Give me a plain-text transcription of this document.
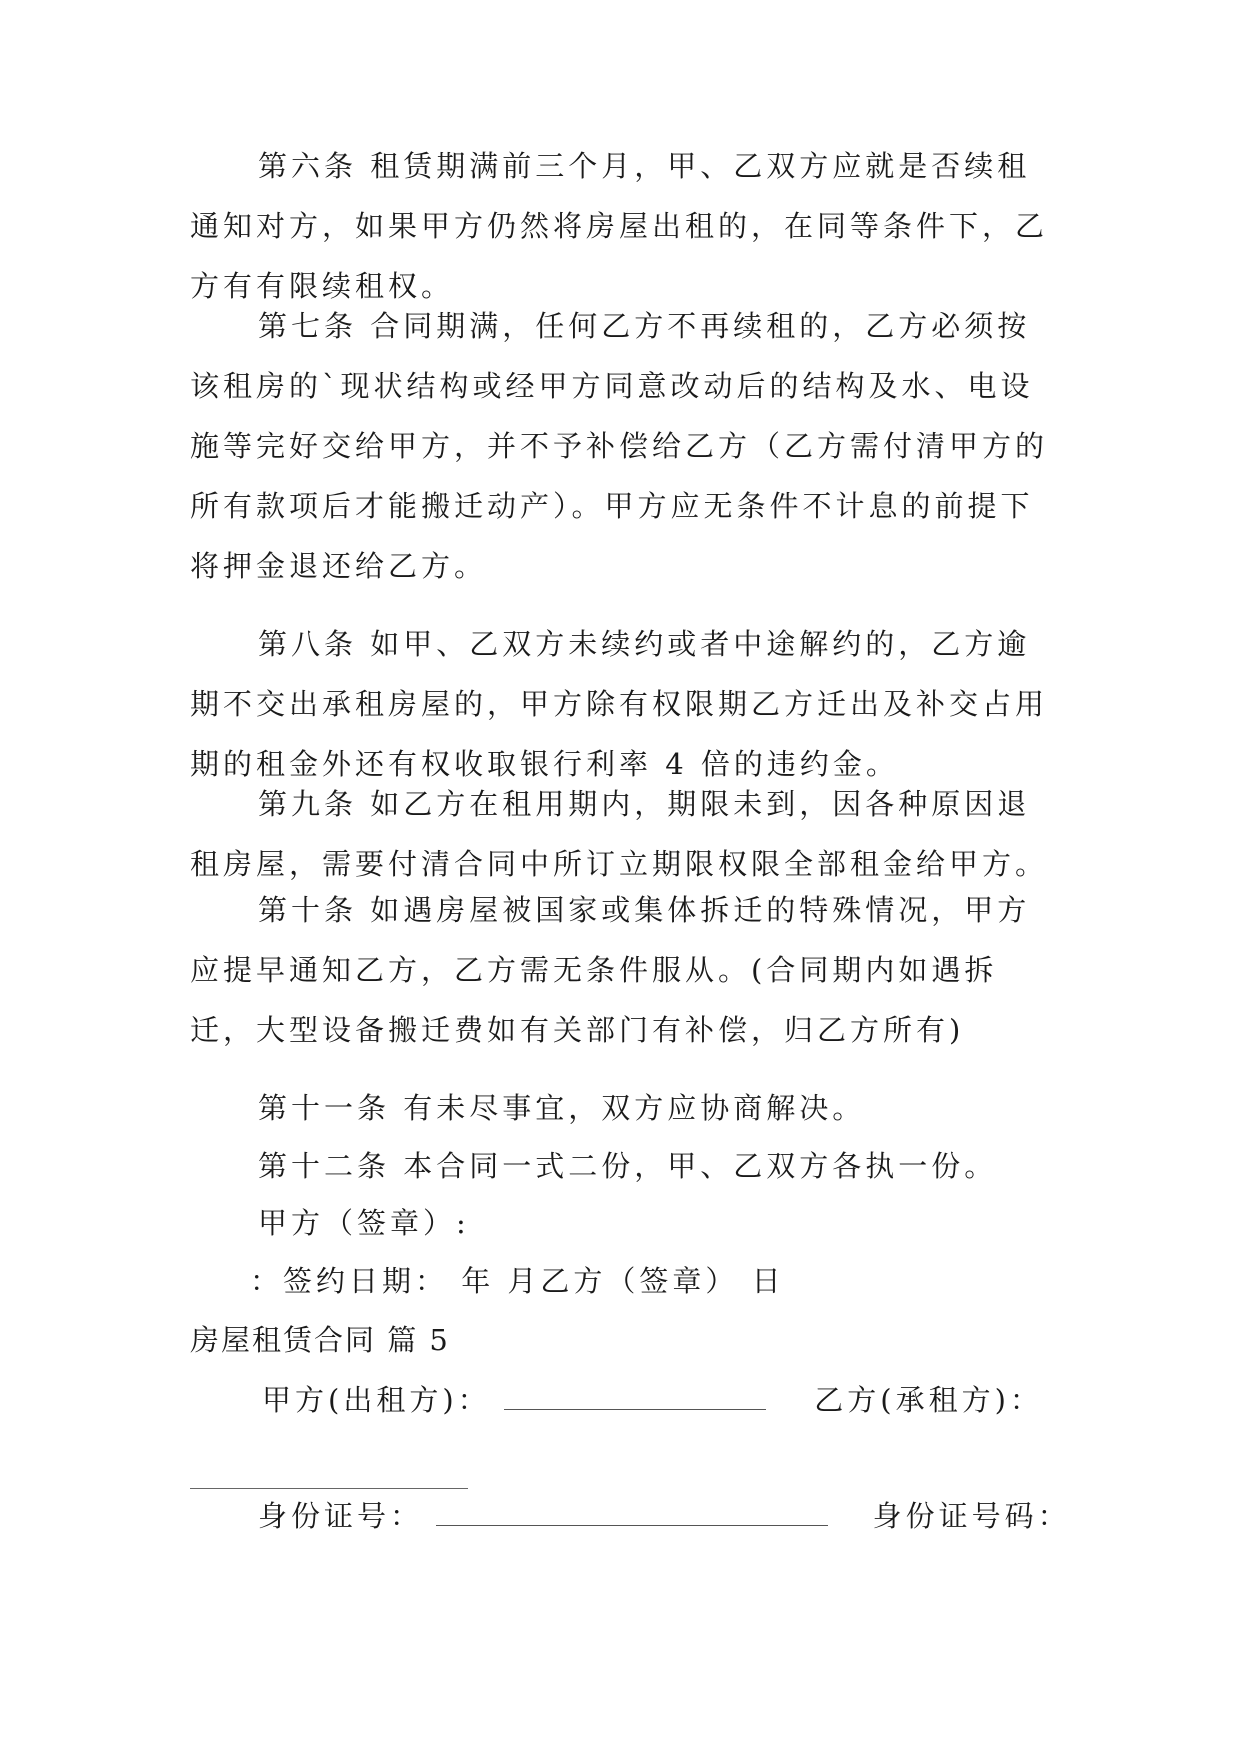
第六条 租赁期满前三个月，甲、乙双方应就是否续租通知对方，如果甲方仍然将房屋出租的，在同等条件下，乙方有有限续租权。

第七条 合同期满，任何乙方不再续租的，乙方必须按该租房的`现状结构或经甲方同意改动后的结构及水、电设施等完好交给甲方，并不予补偿给乙方（乙方需付清甲方的所有款项后才能搬迁动产）。甲方应无条件不计息的前提下将押金退还给乙方。

第八条 如甲、乙双方未续约或者中途解约的，乙方逾期不交出承租房屋的，甲方除有权限期乙方迁出及补交占用期的租金外还有权收取银行利率 4 倍的违约金。

第九条 如乙方在租用期内，期限未到，因各种原因退租房屋，需要付清合同中所订立期限权限全部租金给甲方。

第十条 如遇房屋被国家或集体拆迁的特殊情况，甲方应提早通知乙方，乙方需无条件服从。(合同期内如遇拆迁，大型设备搬迁费如有关部门有补偿，归乙方所有)

第十一条 有未尽事宜，双方应协商解决。

第十二条 本合同一式二份，甲、乙双方各执一份。

甲方（签章）:

：签约日期： 年 月乙方（签章） 日

房屋租赁合同 篇 5

甲方(出租方)：	乙方(承租方)：

身份证号：	身份证号码：
